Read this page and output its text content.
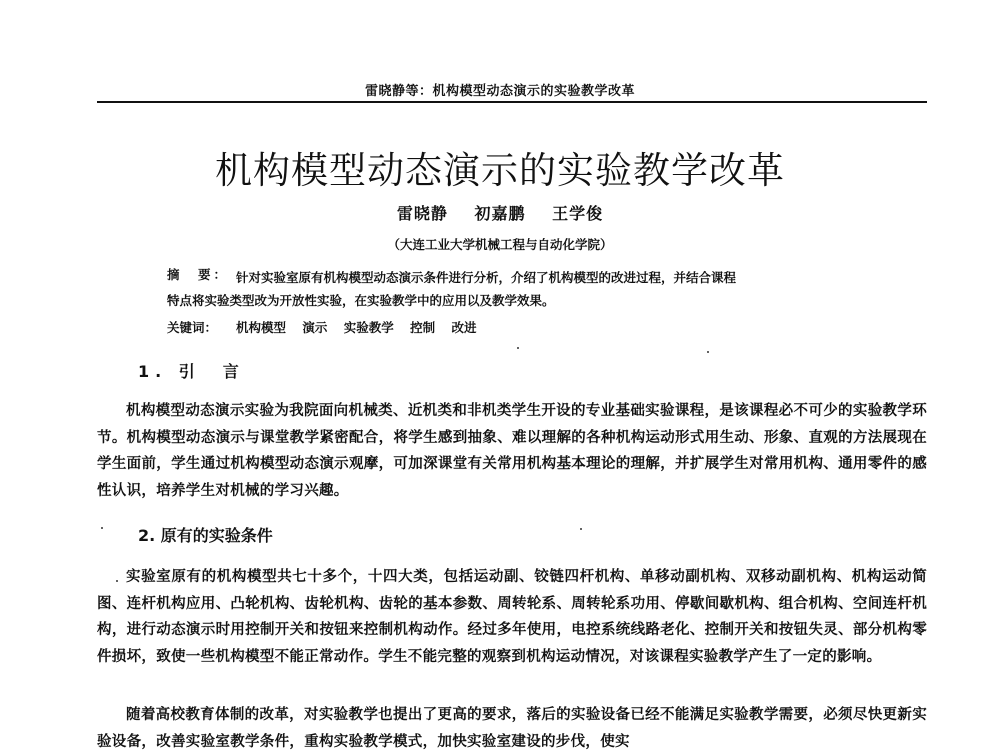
雷晓静等：机构模型动态演示的实验教学改革
机构模型动态演示的实验教学改革
雷晓静 初嘉鹏 王学俊
（大连工业大学机械工程与自动化学院）
摘　要： 针对实验室原有机构模型动态演示条件进行分析，介绍了机构模型的改进过程，并结合课程

特点将实验类型改为开放性实验，在实验教学中的应用以及教学效果。

关键词： 机构模型 演示 实验教学 控制 改进
1. 引　言

机构模型动态演示实验为我院面向机械类、近机类和非机类学生开设的专业基础实验课程，是该课程必不可少的实验教学环节。机构模型动态演示与课堂教学紧密配合，将学生感到抽象、难以理解的各种机构运动形式用生动、形象、直观的方法展现在学生面前，学生通过机构模型动态演示观摩，可加深课堂有关常用机构基本理论的理解，并扩展学生对常用机构、通用零件的感性认识，培养学生对机械的学习兴趣。

2. 原有的实验条件

实验室原有的机构模型共七十多个，十四大类，包括运动副、铰链四杆机构、单移动副机构、双移动副机构、机构运动简图、连杆机构应用、凸轮机构、齿轮机构、齿轮的基本参数、周转轮系、周转轮系功用、停歇间歇机构、组合机构、空间连杆机构，进行动态演示时用控制开关和按钮来控制机构动作。经过多年使用，电控系统线路老化、控制开关和按钮失灵、部分机构零件损坏，致使一些机构模型不能正常动作。学生不能完整的观察到机构运动情况，对该课程实验教学产生了一定的影响。

随着高校教育体制的改革，对实验教学也提出了更高的要求，落后的实验设备已经不能满足实验教学需要，必须尽快更新实验设备，改善实验室教学条件，重构实验教学模式，加快实验室建设的步伐，使实
